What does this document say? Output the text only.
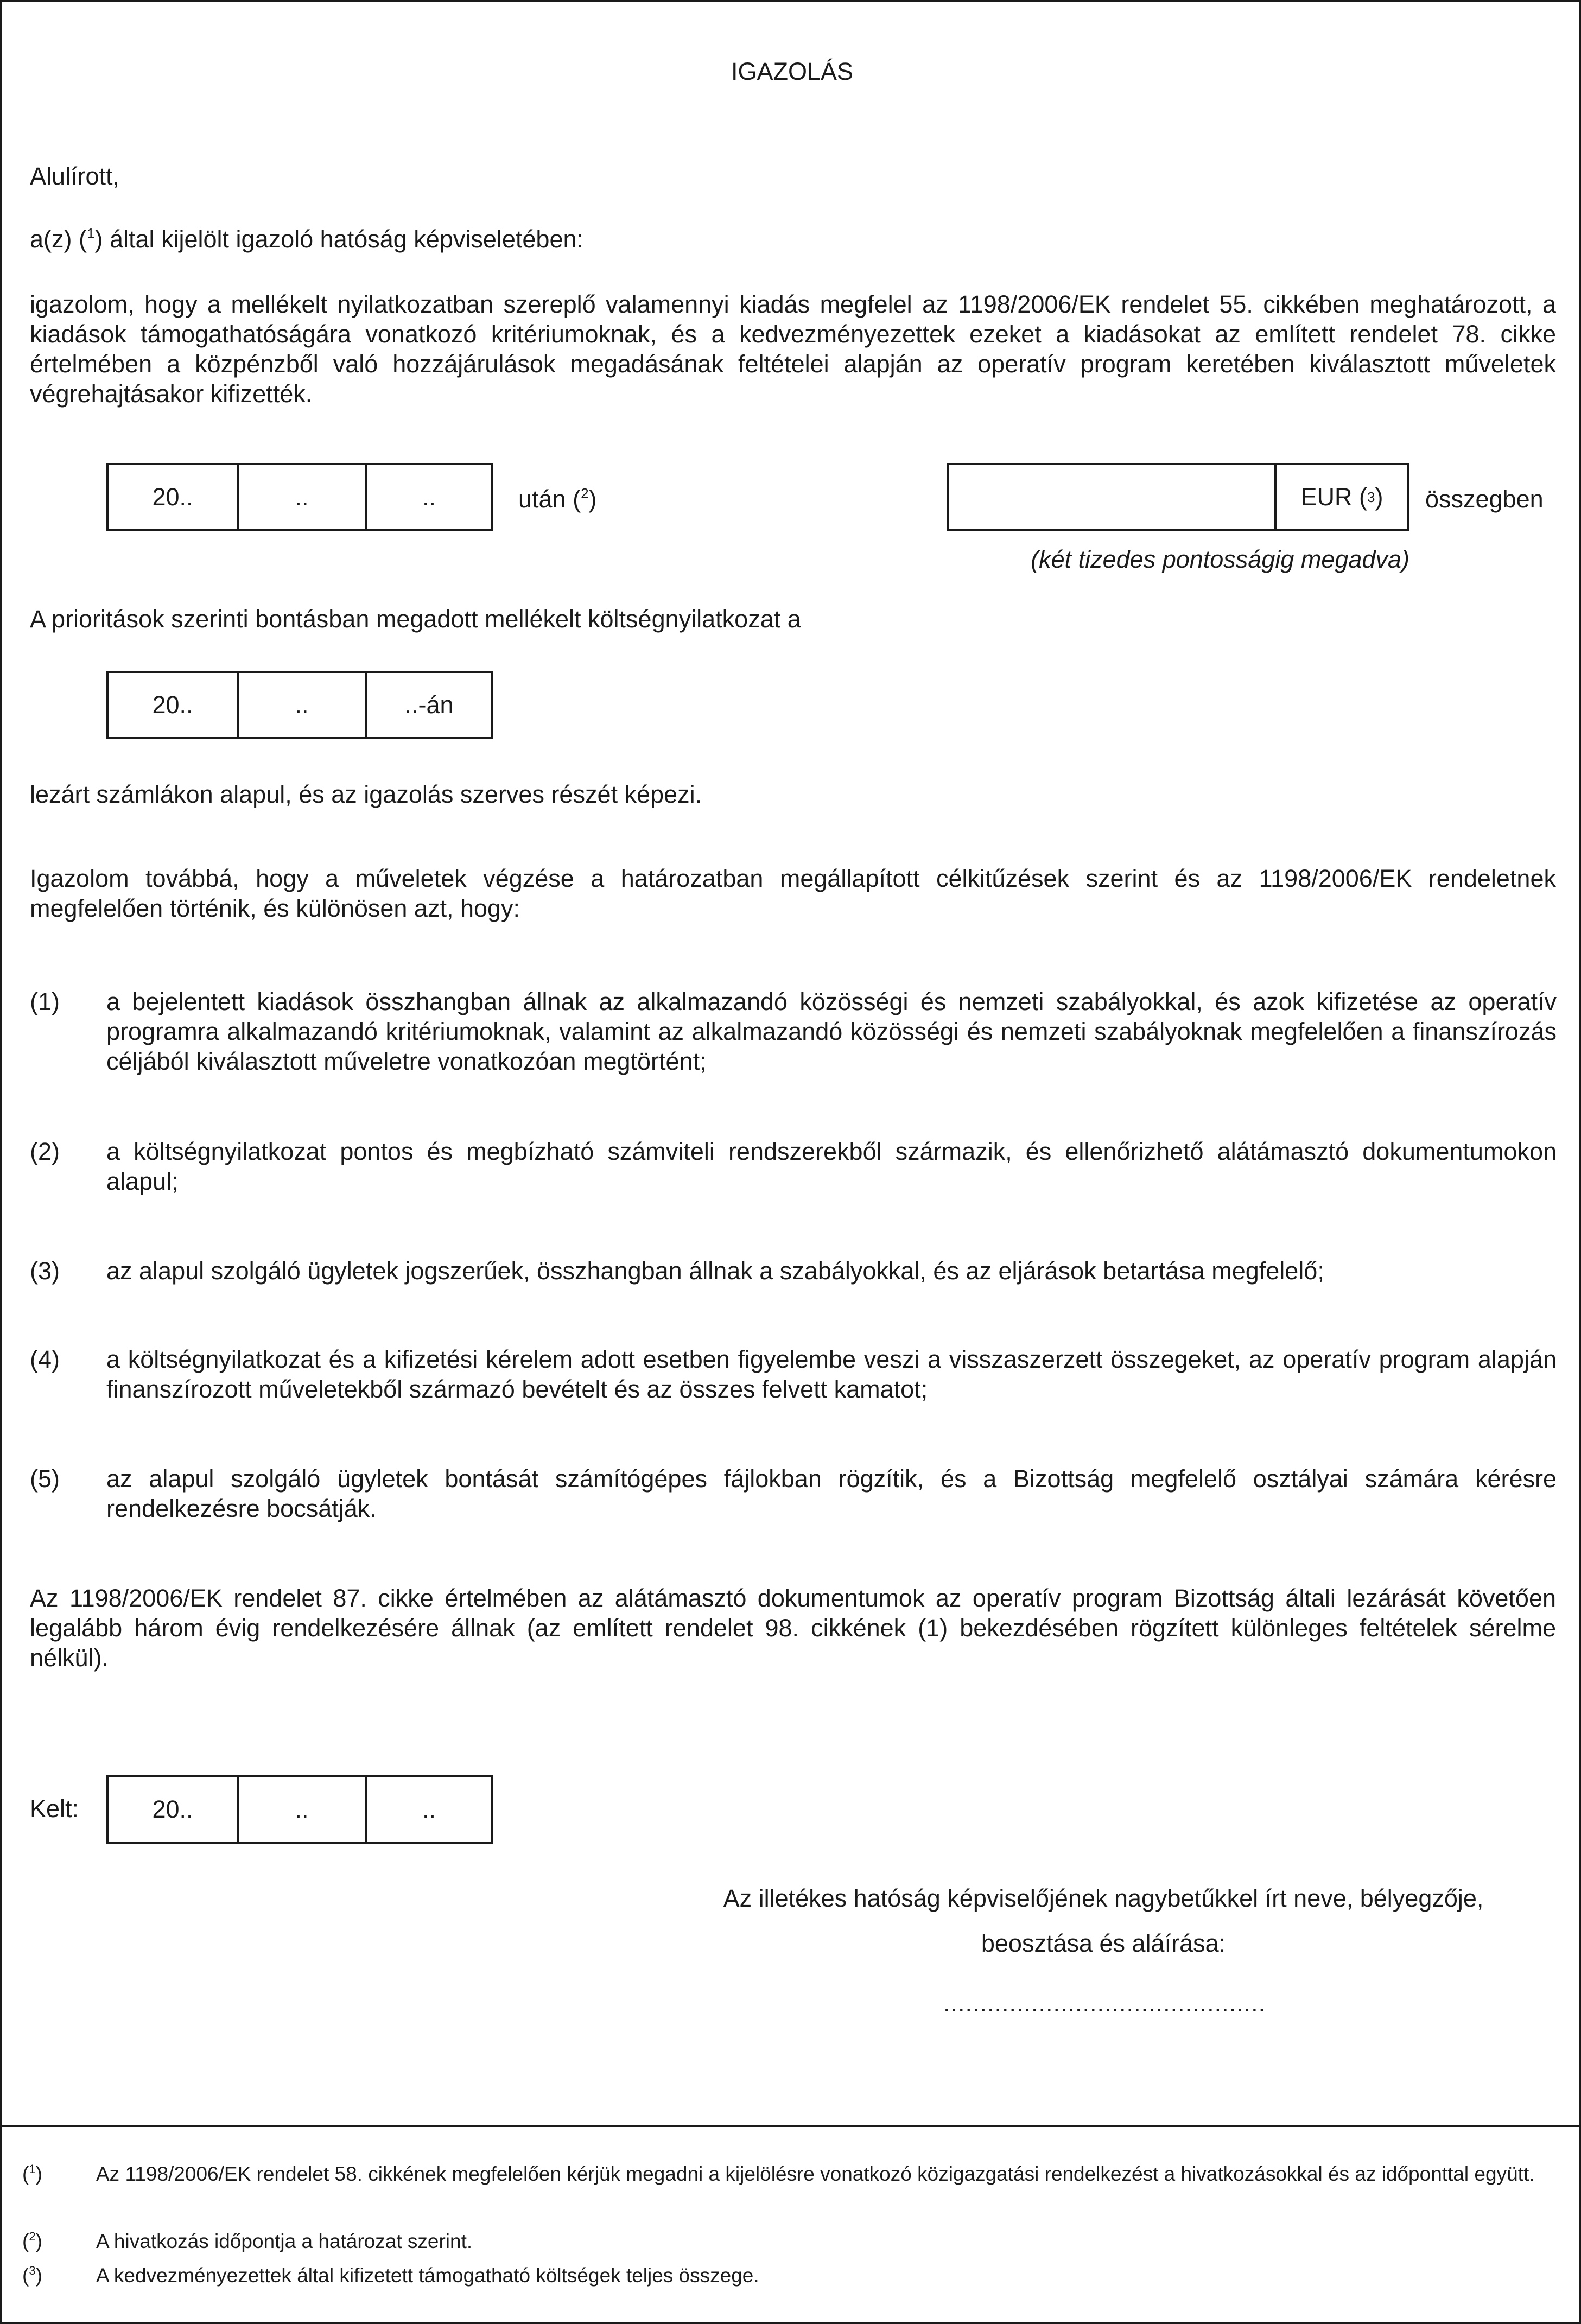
IGAZOLÁS
Alulírott,
a(z) ($^1$) által kijelölt igazoló hatóság képviseletében:
igazolom, hogy a mellékelt nyilatkozatban szereplő valamennyi kiadás megfelel az 1198/2006/EK rendelet 55. cikkében meghatározott, a kiadások támogathatóságára vonatkozó kritériumoknak, és a kedvezményezettek ezeket a kiadásokat az említett rendelet 78. cikke értelmében a közpénzből való hozzájárulások megadásának feltételei alapján az operatív program keretében kiválasztott műveletek végrehajtásakor kifizették.
20..	..	..	után ($^2$)	EUR ( 3 ) összegben
(két tizedes pontosságig megadva)
A prioritások szerinti bontásban megadott mellékelt költségnyilatkozat a
20..	..	..-án
lezárt számlákon alapul, és az igazolás szerves részét képezi.
Igazolom továbbá, hogy a műveletek végzése a határozatban megállapított célkitűzések szerint és az 1198/2006/EK rendeletnek megfelelően történik, és különösen azt, hogy:
(1)	a bejelentett kiadások összhangban állnak az alkalmazandó közösségi és nemzeti szabályokkal, és azok kifizetése az operatív programra alkalmazandó kritériumoknak, valamint az alkalmazandó közösségi és nemzeti szabályoknak megfelelően a finanszírozás céljából kiválasztott műveletre vonatkozóan megtörtént;
(2)	a költségnyilatkozat pontos és megbízható számviteli rendszerekből származik, és ellenőrizhető alátámasztó dokumentumokon alapul;
(3)	az alapul szolgáló ügyletek jogszerűek, összhangban állnak a szabályokkal, és az eljárások betartása megfelelő;
(4)	a költségnyilatkozat és a kifizetési kérelem adott esetben figyelembe veszi a visszaszerzett összegeket, az operatív program alapján finanszírozott műveletekből származó bevételt és az összes felvett kamatot;
(5)	az alapul szolgáló ügyletek bontását számítógépes fájlokban rögzítik, és a Bizottság megfelelő osztályai számára kérésre rendelkezésre bocsátják.
Az 1198/2006/EK rendelet 87. cikke értelmében az alátámasztó dokumentumok az operatív program Bizottság általi lezárását követően legalább három évig rendelkezésére állnak (az említett rendelet 98. cikkének (1) bekezdésében rögzített különleges feltételek sérelme nélkül).
Kelt:	20..	..	..
Az illetékes hatóság képviselőjének nagybetűkkel írt neve, bélyegzője,
beosztása és aláírása:
............................................
($^1$)	Az 1198/2006/EK rendelet 58. cikkének megfelelően kérjük megadni a kijelölésre vonatkozó közigazgatási rendelkezést a hivatkozásokkal és az időponttal együtt.
($^2$)	A hivatkozás időpontja a határozat szerint.
($^3$)	A kedvezményezettek által kifizetett támogatható költségek teljes összege.
